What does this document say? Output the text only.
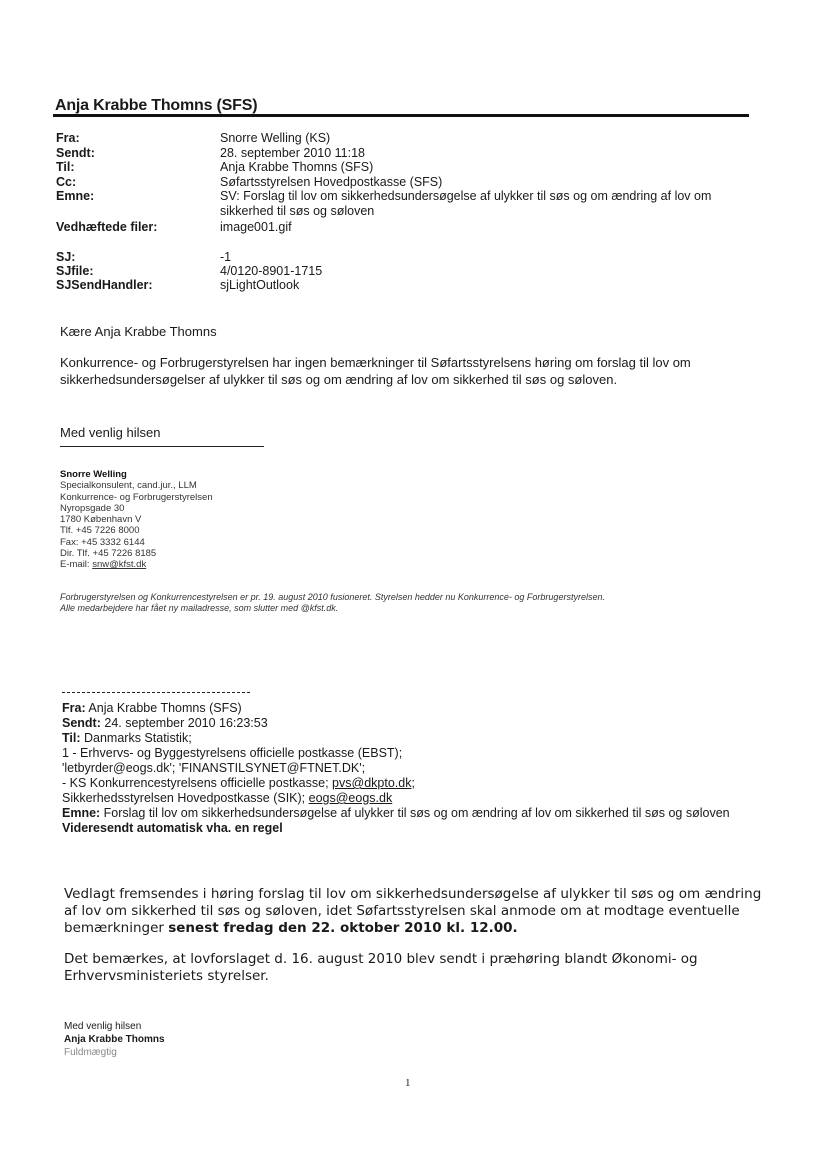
Anja Krabbe Thomns (SFS)
Fra:	Snorre Welling (KS)
Sendt:	28. september 2010 11:18
Til:	Anja Krabbe Thomns (SFS)
Cc:	Søfartsstyrelsen Hovedpostkasse (SFS)
Emne:	SV: Forslag til lov om sikkerhedsundersøgelse af ulykker til søs og om ændring af lov om sikkerhed til søs og søloven
Vedhæftede filer:	image001.gif
SJ:	-1
SJfile:	4/0120-8901-1715
SJSendHandler:	sjLightOutlook
Kære Anja Krabbe Thomns
Konkurrence- og Forbrugerstyrelsen har ingen bemærkninger til Søfartsstyrelsens høring om forslag til lov om sikkerhedsundersøgelser af ulykker til søs og om ændring af lov om sikkerhed til søs og søloven.
Med venlig hilsen
Snorre Welling
Specialkonsulent, cand.jur., LLM
Konkurrence- og Forbrugerstyrelsen
Nyropsgade 30
1780 København V
Tlf. +45 7226 8000
Fax: +45 3332 6144
Dir. Tlf. +45 7226 8185
E-mail: snw@kfst.dk
Forbrugerstyrelsen og Konkurrencestyrelsen er pr. 19. august 2010 fusioneret. Styrelsen hedder nu Konkurrence- og Forbrugerstyrelsen.
Alle medarbejdere har fået ny mailadresse, som slutter med @kfst.dk.
Fra: Anja Krabbe Thomns (SFS)
Sendt: 24. september 2010 16:23:53
Til: Danmarks Statistik;
1 - Erhvervs- og Byggestyrelsens officielle postkasse (EBST);
'letbyrder@eogs.dk'; 'FINANSTILSYNET@FTNET.DK';
- KS Konkurrencestyrelsens officielle postkasse; pvs@dkpto.dk;
Sikkerhedsstyrelsen Hovedpostkasse (SIK); eogs@eogs.dk
Emne: Forslag til lov om sikkerhedsundersøgelse af ulykker til søs og om ændring af lov om sikkerhed til søs og søloven
Videresendt automatisk vha. en regel
Vedlagt fremsendes i høring forslag til lov om sikkerhedsundersøgelse af ulykker til søs og om ændring af lov om sikkerhed til søs og søloven, idet Søfartsstyrelsen skal anmode om at modtage eventuelle bemærkninger senest fredag den 22. oktober 2010 kl. 12.00.
Det bemærkes, at lovforslaget d. 16. august 2010 blev sendt i præhøring blandt Økonomi- og Erhvervsministeriets styrelser.
Med venlig hilsen
Anja Krabbe Thomns
Fuldmægtig
1
